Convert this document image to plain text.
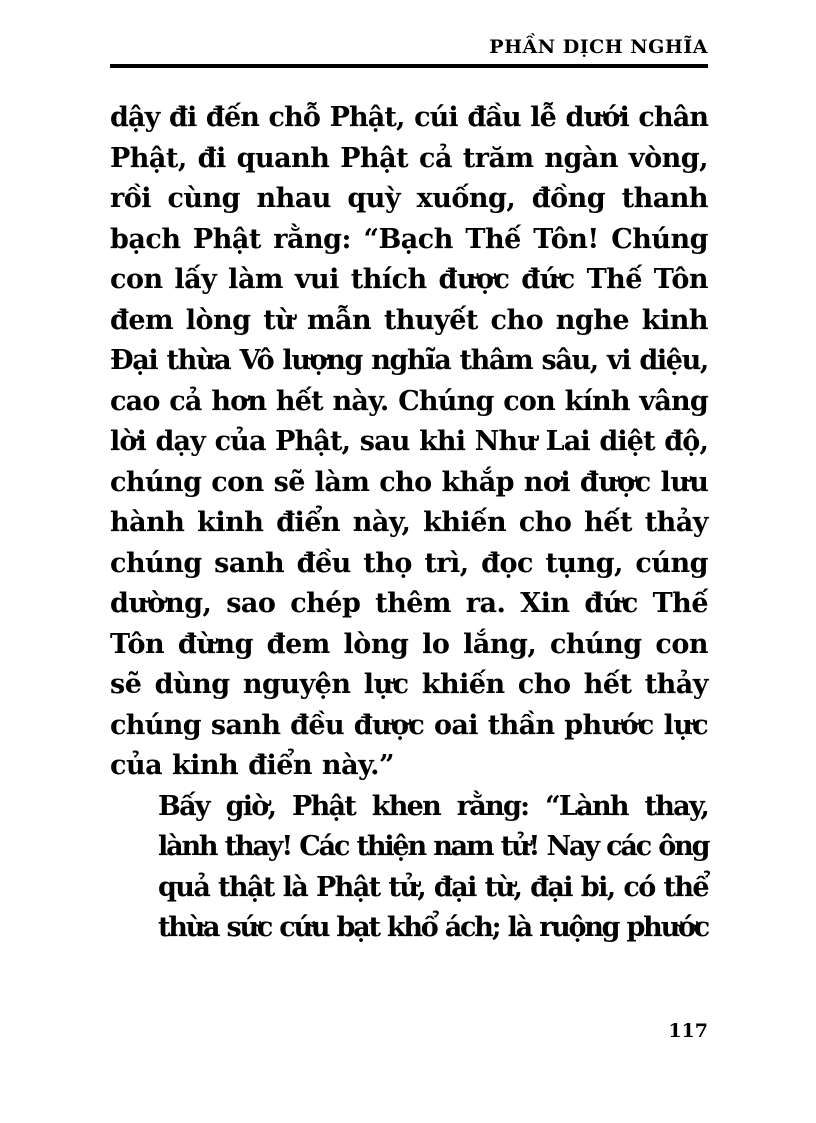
PHẦN DỊCH NGHĨA

dậy đi đến chỗ Phật, cúi đầu lễ dưới chân
Phật, đi quanh Phật cả trăm ngàn vòng,
rồi cùng nhau quỳ xuống, đồng thanh
bạch Phật rằng: “Bạch Thế Tôn! Chúng
con lấy làm vui thích được đức Thế Tôn
đem lòng từ mẫn thuyết cho nghe kinh
Đại thừa Vô lượng nghĩa thâm sâu, vi diệu,
cao cả hơn hết này. Chúng con kính vâng
lời dạy của Phật, sau khi Như Lai diệt độ,
chúng con sẽ làm cho khắp nơi được lưu
hành kinh điển này, khiến cho hết thảy
chúng sanh đều thọ trì, đọc tụng, cúng
dường, sao chép thêm ra. Xin đức Thế
Tôn đừng đem lòng lo lắng, chúng con
sẽ dùng nguyện lực khiến cho hết thảy
chúng sanh đều được oai thần phước lực
của kinh điển này.”

Bấy giờ, Phật khen rằng: “Lành thay,
lành thay! Các thiện nam tử! Nay các ông
quả thật là Phật tử, đại từ, đại bi, có thể
thừa sức cứu bạt khổ ách; là ruộng phước

117
